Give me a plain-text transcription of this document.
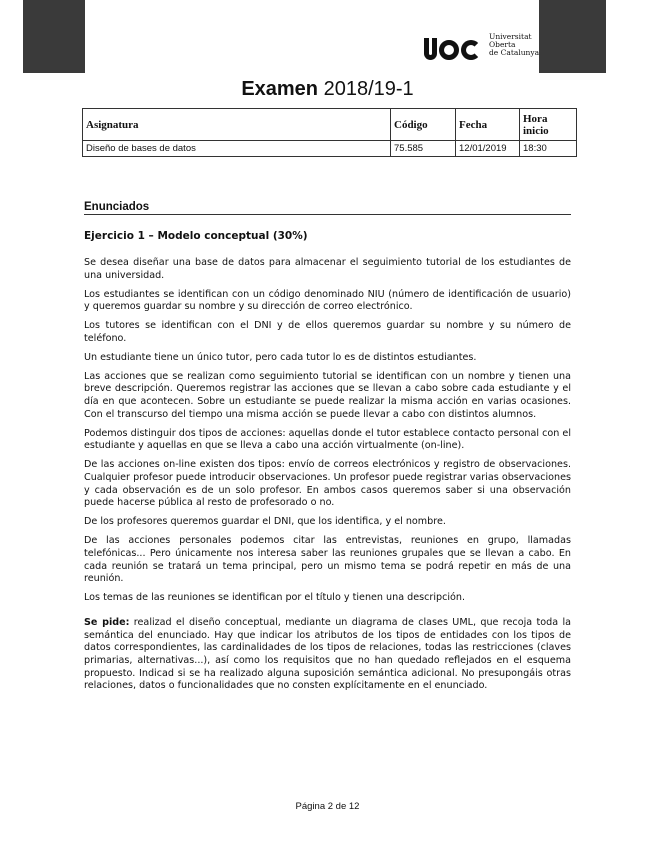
Universitat
Oberta
de Catalunya
Examen 2018/19-1
Asignatura	Código	Fecha	Hora inicio
Diseño de bases de datos	75.585	12/01/2019	18:30
Enunciados
Ejercicio 1 – Modelo conceptual (30%)

Se desea diseñar una base de datos para almacenar el seguimiento tutorial de los estudiantes de una universidad.

Los estudiantes se identifican con un código denominado NIU (número de identificación de usuario) y queremos guardar su nombre y su dirección de correo electrónico.

Los tutores se identifican con el DNI y de ellos queremos guardar su nombre y su número de teléfono.

Un estudiante tiene un único tutor, pero cada tutor lo es de distintos estudiantes.

Las acciones que se realizan como seguimiento tutorial se identifican con un nombre y tienen una breve descripción. Queremos registrar las acciones que se llevan a cabo sobre cada estudiante y el día en que acontecen. Sobre un estudiante se puede realizar la misma acción en varias ocasiones. Con el transcurso del tiempo una misma acción se puede llevar a cabo con distintos alumnos.

Podemos distinguir dos tipos de acciones: aquellas donde el tutor establece contacto personal con el estudiante y aquellas en que se lleva a cabo una acción virtualmente (on-line).

De las acciones on-line existen dos tipos: envío de correos electrónicos y registro de observaciones. Cualquier profesor puede introducir observaciones. Un profesor puede registrar varias observaciones y cada observación es de un solo profesor. En ambos casos queremos saber si una observación puede hacerse pública al resto de profesorado o no.

De los profesores queremos guardar el DNI, que los identifica, y el nombre.

De las acciones personales podemos citar las entrevistas, reuniones en grupo, llamadas telefónicas... Pero únicamente nos interesa saber las reuniones grupales que se llevan a cabo. En cada reunión se tratará un tema principal, pero un mismo tema se podrá repetir en más de una reunión.

Los temas de las reuniones se identifican por el título y tienen una descripción.

Se pide: realizad el diseño conceptual, mediante un diagrama de clases UML, que recoja toda la semántica del enunciado. Hay que indicar los atributos de los tipos de entidades con los tipos de datos correspondientes, las cardinalidades de los tipos de relaciones, todas las restricciones (claves primarias, alternativas...), así como los requisitos que no han quedado reflejados en el esquema propuesto. Indicad si se ha realizado alguna suposición semántica adicional. No presupongáis otras relaciones, datos o funcionalidades que no consten explícitamente en el enunciado.

Página 2 de 12
